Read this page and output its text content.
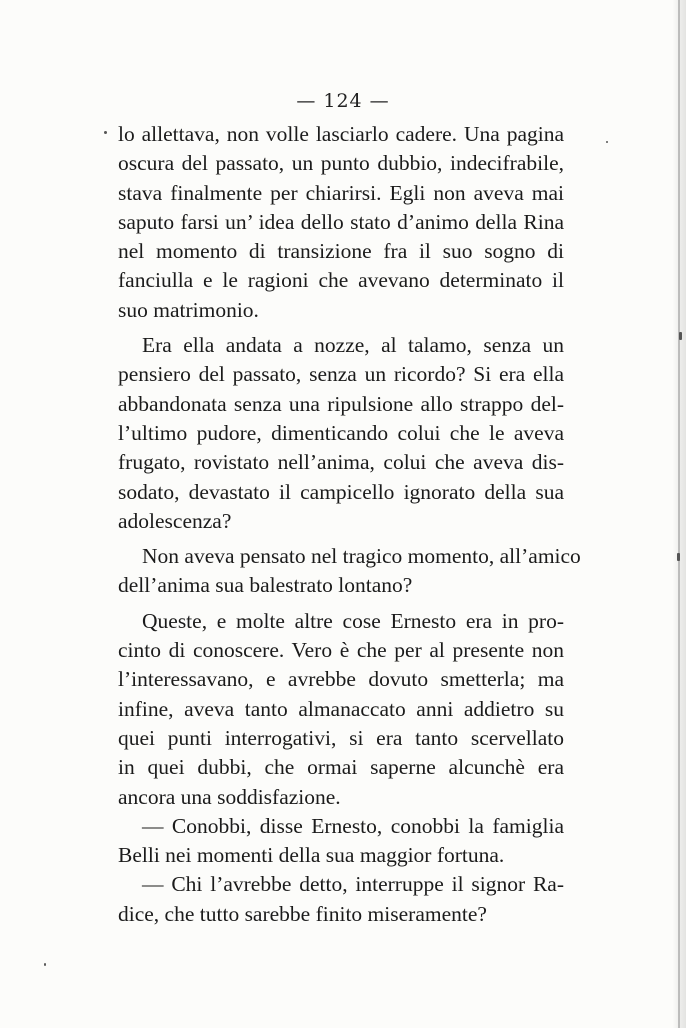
— 124 —
lo allettava, non volle lasciarlo cadere. Una pagina
oscura del passato, un punto dubbio, indecifrabile,
stava finalmente per chiarirsi. Egli non aveva mai
saputo farsi un’ idea dello stato d’animo della Rina
nel momento di transizione fra il suo sogno di
fanciulla e le ragioni che avevano determinato il
suo matrimonio.
Era ella andata a nozze, al talamo, senza un
pensiero del passato, senza un ricordo? Si era ella
abbandonata senza una ripulsione allo strappo del-
l’ultimo pudore, dimenticando colui che le aveva
frugato, rovistato nell’anima, colui che aveva dis-
sodato, devastato il campicello ignorato della sua
adolescenza?
Non aveva pensato nel tragico momento, all’amico
dell’anima sua balestrato lontano?
Queste, e molte altre cose Ernesto era in pro-
cinto di conoscere. Vero è che per al presente non
l’interessavano, e avrebbe dovuto smetterla; ma
infine, aveva tanto almanaccato anni addietro su
quei punti interrogativi, si era tanto scervellato
in quei dubbi, che ormai saperne alcunchè era
ancora una soddisfazione.
— Conobbi, disse Ernesto, conobbi la famiglia
Belli nei momenti della sua maggior fortuna.
— Chi l’avrebbe detto, interruppe il signor Ra-
dice, che tutto sarebbe finito miseramente?
